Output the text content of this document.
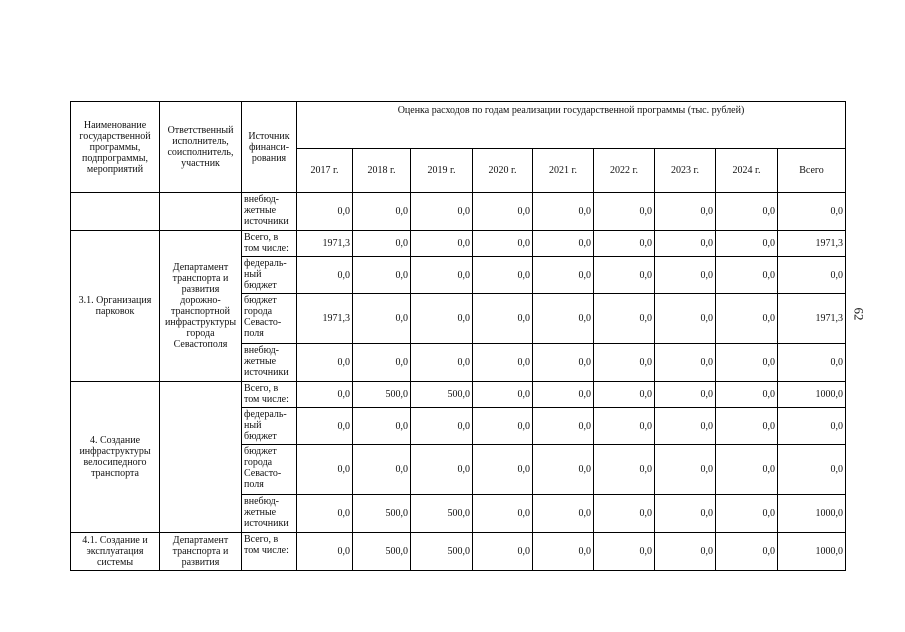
62
Наименование государственной программы, подпрограммы, мероприятий	Ответственный исполнитель, соисполнитель, участник	Источник финанси-рования	Оценка расходов по годам реализации государственной программы (тыс. рублей)								
			2017 г.	2018 г.	2019 г.	2020 г.	2021 г.	2022 г.	2023 г.	2024 г.	Всего
		внебюд-жетные источники	0,0	0,0	0,0	0,0	0,0	0,0	0,0	0,0	0,0
3.1. Организация парковок	Департамент транспорта и развития дорожно-транспортной инфраструктуры города Севастополя	Всего, в том числе:	1971,3	0,0	0,0	0,0	0,0	0,0	0,0	0,0	1971,3
		федераль-ный бюджет	0,0	0,0	0,0	0,0	0,0	0,0	0,0	0,0	0,0
		бюджет города Севасто-поля	1971,3	0,0	0,0	0,0	0,0	0,0	0,0	0,0	1971,3
		внебюд-жетные источники	0,0	0,0	0,0	0,0	0,0	0,0	0,0	0,0	0,0
4. Создание инфраструктуры велосипедного транспорта		Всего, в том числе:	0,0	500,0	500,0	0,0	0,0	0,0	0,0	0,0	1000,0
		федераль-ный бюджет	0,0	0,0	0,0	0,0	0,0	0,0	0,0	0,0	0,0
		бюджет города Севасто-поля	0,0	0,0	0,0	0,0	0,0	0,0	0,0	0,0	0,0
		внебюд-жетные источники	0,0	500,0	500,0	0,0	0,0	0,0	0,0	0,0	1000,0
4.1. Создание и эксплуатация системы	Департамент транспорта и развития	Всего, в том числе:	0,0	500,0	500,0	0,0	0,0	0,0	0,0	0,0	1000,0
